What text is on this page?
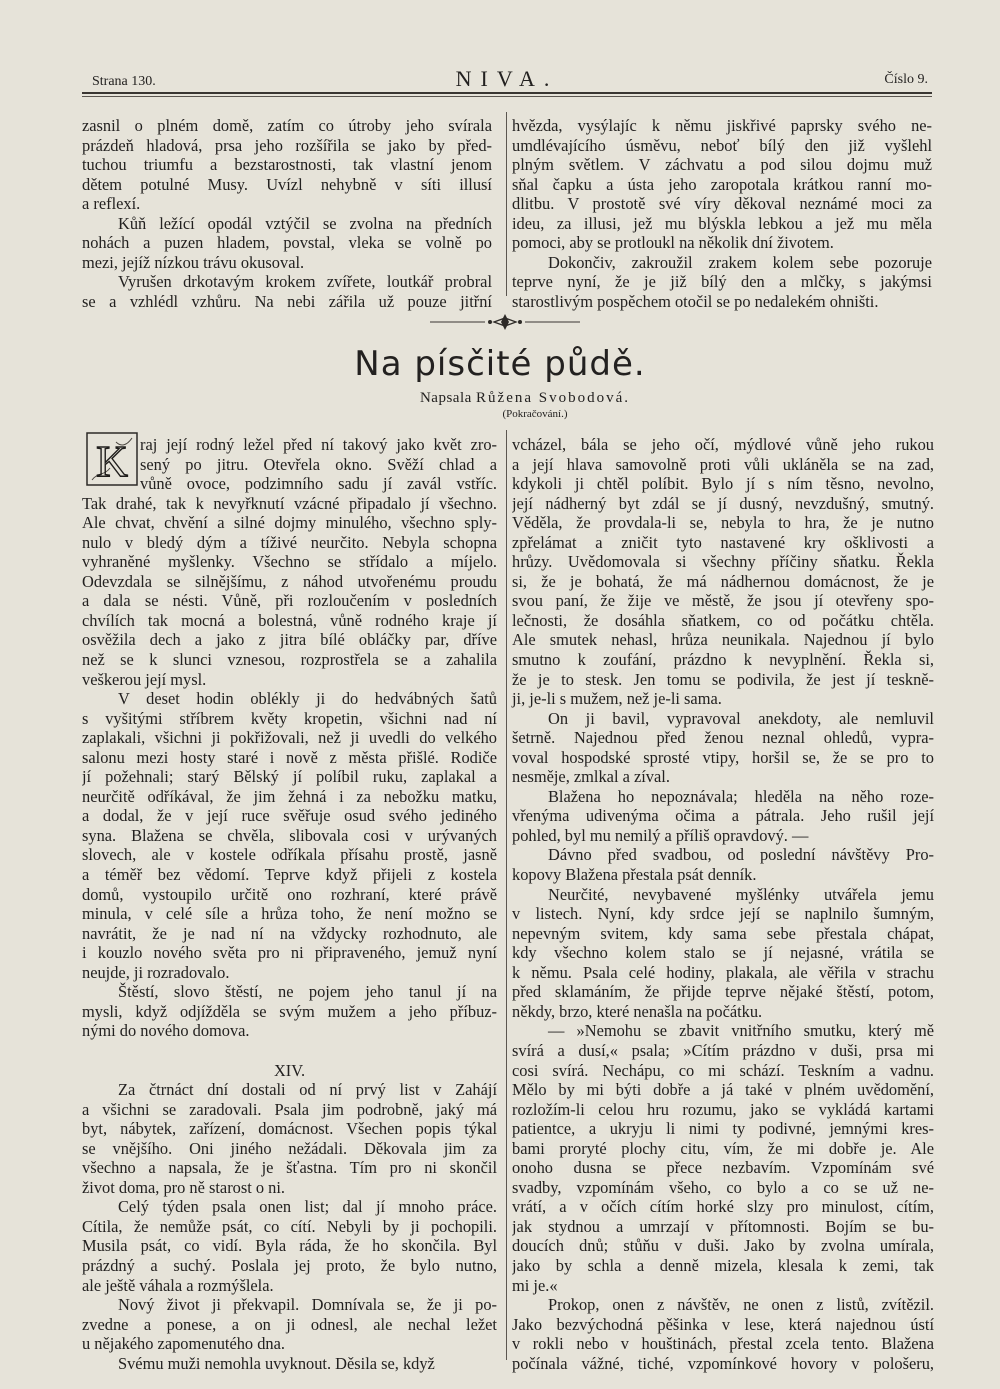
Strana 130.	NIVA.	Číslo 9.
zasnil o plném domě, zatím co útroby jeho svírala
prázdeň hladová, prsa jeho rozšířila se jako by před-
tuchou triumfu a bezstarostnosti, tak vlastní jenom
dětem potulné Musy. Uvízl nehybně v síti illusí
a reflexí.
Kůň ležící opodál vztýčil se zvolna na předních
nohách a puzen hladem, povstal, vleka se volně po
mezi, jejíž nízkou trávu okusoval.
Vyrušen drkotavým krokem zvířete, loutkář probral
se a vzhlédl vzhůru. Na nebi zářila už pouze jitřní
hvězda, vysýlajíc k němu jiskřivé paprsky svého ne-
umdlévajícího úsměvu, neboť bílý den již vyšlehl
plným světlem. V záchvatu a pod silou dojmu muž
sňal čapku a ústa jeho zaropotala krátkou ranní mo-
dlitbu. V prostotě své víry děkoval neznámé moci za
ideu, za illusi, jež mu blýskla lebkou a jež mu měla
pomoci, aby se protloukl na několik dní životem.
Dokončiv, zakroužil zrakem kolem sebe pozoruje
teprve nyní, že je již bílý den a mlčky, s jakýmsi
starostlivým pospěchem otočil se po nedalekém ohništi.
Na písčité půdě.
Napsala Růžena Svobodová.
(Pokračování.)
K raj její rodný ležel před ní takový jako květ zro-
sený po jitru. Otevřela okno. Svěží chlad a
vůně ovoce, podzimního sadu jí zavál vstříc.
Tak drahé, tak k nevyřknutí vzácné připadalo jí všechno.
Ale chvat, chvění a silné dojmy minulého, všechno sply-
nulo v bledý dým a tíživé neurčito. Nebyla schopna
vyhraněné myšlenky. Všechno se střídalo a míjelo.
Odevzdala se silnějšímu, z náhod utvořenému proudu
a dala se nésti. Vůně, při rozloučením v posledních
chvílích tak mocná a bolestná, vůně rodného kraje jí
osvěžila dech a jako z jitra bílé obláčky par, dříve
než se k slunci vznesou, rozprostřela se a zahalila
veškerou její mysl.
V deset hodin oblékly ji do hedvábných šatů
s vyšitými stříbrem květy kropetin, všichni nad ní
zaplakali, všichni ji pokřižovali, než ji uvedli do velkého
salonu mezi hosty staré i nově z města přišlé. Rodiče
jí požehnali; starý Bělský jí políbil ruku, zaplakal a
neurčitě odříkával, že jim žehná i za nebožku matku,
a dodal, že v její ruce svěřuje osud svého jediného
syna. Blažena se chvěla, slibovala cosi v urývaných
slovech, ale v kostele odříkala přísahu prostě, jasně
a téměř bez vědomí. Teprve když přijeli z kostela
domů, vystoupilo určitě ono rozhraní, které právě
minula, v celé síle a hrůza toho, že není možno se
navrátit, že je nad ní na vždycky rozhodnuto, ale
i kouzlo nového světa pro ni připraveného, jemuž nyní
neujde, ji rozradovalo.
Štěstí, slovo štěstí, ne pojem jeho tanul jí na
mysli, když odjížděla se svým mužem a jeho příbuz-
nými do nového domova.
XIV.
Za čtrnáct dní dostali od ní prvý list v Zahájí
a všichni se zaradovali. Psala jim podrobně, jaký má
byt, nábytek, zařízení, domácnost. Všechen popis týkal
se vnějšího. Oni jiného nežádali. Děkovala jim za
všechno a napsala, že je šťastna. Tím pro ni skončil
život doma, pro ně starost o ni.
Celý týden psala onen list; dal jí mnoho práce.
Cítila, že nemůže psát, co cítí. Nebyli by ji pochopili.
Musila psát, co vidí. Byla ráda, že ho skončila. Byl
prázdný a suchý. Poslala jej proto, že bylo nutno,
ale ještě váhala a rozmýšlela.
Nový život ji překvapil. Domnívala se, že ji po-
zvedne a ponese, a on ji odnesl, ale nechal ležet
u nějakého zapomenutého dna.
Svému muži nemohla uvyknout. Děsila se, když
vcházel, bála se jeho očí, mýdlové vůně jeho rukou
a její hlava samovolně proti vůli ukláněla se na zad,
kdykoli ji chtěl políbit. Bylo jí s ním těsno, nevolno,
její nádherný byt zdál se jí dusný, nevzdušný, smutný.
Věděla, že provdala-li se, nebyla to hra, že je nutno
zpřelámat a zničit tyto nastavené kry ošklivosti a
hrůzy. Uvědomovala si všechny příčiny sňatku. Řekla
si, že je bohatá, že má nádhernou domácnost, že je
svou paní, že žije ve městě, že jsou jí otevřeny spo-
lečnosti, že dosáhla sňatkem, co od počátku chtěla.
Ale smutek nehasl, hrůza neunikala. Najednou jí bylo
smutno k zoufání, prázdno k nevyplnění. Řekla si,
že je to stesk. Jen tomu se podivila, že jest jí teskně-
ji, je-li s mužem, než je-li sama.
On ji bavil, vypravoval anekdoty, ale nemluvil
šetrně. Najednou před ženou neznal ohledů, vypra-
voval hospodské sprosté vtipy, horšil se, že se pro to
nesměje, zmlkal a zíval.
Blažena ho nepoznávala; hleděla na něho roze-
vřenýma udivenýma očima a pátrala. Jeho rušil její
pohled, byl mu nemilý a příliš opravdový. —
Dávno před svadbou, od poslední návštěvy Pro-
kopovy Blažena přestala psát denník.
Neurčité, nevybavené myšlénky utvářela jemu
v listech. Nyní, kdy srdce její se naplnilo šumným,
nepevným svitem, kdy sama sebe přestala chápat,
kdy všechno kolem stalo se jí nejasné, vrátila se
k němu. Psala celé hodiny, plakala, ale věřila v strachu
před sklamáním, že přijde teprve nějaké štěstí, potom,
někdy, brzo, které nenašla na počátku.
— »Nemohu se zbavit vnitřního smutku, který mě
svírá a dusí,« psala; »Cítím prázdno v duši, prsa mi
cosi svírá. Nechápu, co mi schází. Teskním a vadnu.
Mělo by mi býti dobře a já také v plném uvědomění,
rozložím-li celou hru rozumu, jako se vykládá kartami
patientce, a ukryju li nimi ty podivné, jemnými kres-
bami proryté plochy citu, vím, že mi dobře je. Ale
onoho dusna se přece nezbavím. Vzpomínám své
svadby, vzpomínám všeho, co bylo a co se už ne-
vrátí, a v očích cítím horké slzy pro minulost, cítím,
jak stydnou a umrzají v přítomnosti. Bojím se bu-
doucích dnů; stůňu v duši. Jako by zvolna umírala,
jako by schla a denně mizela, klesala k zemi, tak
mi je.«
Prokop, onen z návštěv, ne onen z listů, zvítězil.
Jako bezvýchodná pěšinka v lese, která najednou ústí
v rokli nebo v houštinách, přestal zcela tento. Blažena
počínala vážné, tiché, vzpomínkové hovory v pološeru,
